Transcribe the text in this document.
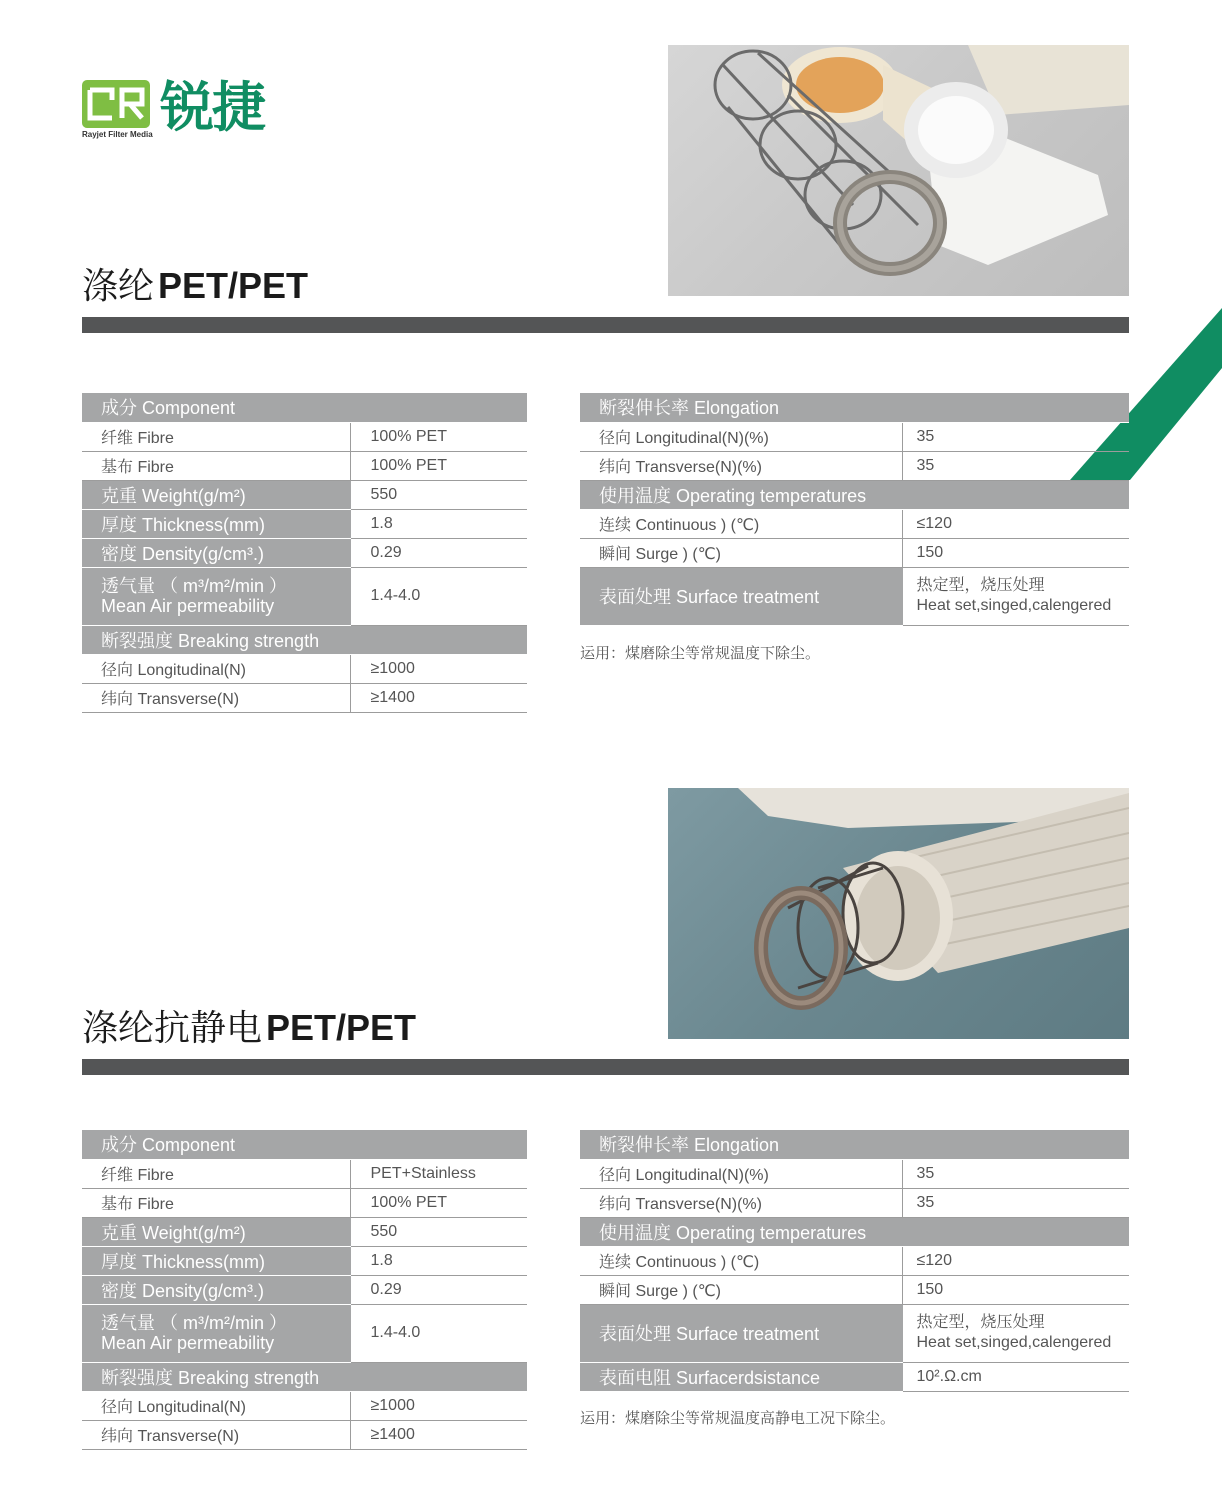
锐捷
Rayjet Filter Media
涤纶 PET/PET
成分 Component	
纤维 Fibre	100% PET
基布 Fibre	100% PET
克重 Weight(g/m²)	550
厚度 Thickness(mm)	1.8
密度 Density(g/cm³.)	0.29

透气量 （ m³/m²/min ）
Mean Air permeability	1.4-4.0
断裂强度 Breaking strength	
径向 Longitudinal(N)	≥1000
纬向 Transverse(N)	≥1400
断裂伸长率 Elongation	
径向 Longitudinal(N)(%)	35
纬向 Transverse(N)(%)	35
使用温度 Operating temperatures	
连续 Continuous ) (℃)	≤120
瞬间 Surge ) (℃)	150
表面处理 Surface treatment	热定型，烧压处理
Heat set,singed,calengered
运用：煤磨除尘等常规温度下除尘。
涤纶抗静电 PET/PET
成分 Component	
纤维 Fibre	PET+Stainless
基布 Fibre	100% PET
克重 Weight(g/m²)	550
厚度 Thickness(mm)	1.8
密度 Density(g/cm³.)	0.29

透气量 （ m³/m²/min ）
Mean Air permeability	1.4-4.0
断裂强度 Breaking strength	
径向 Longitudinal(N)	≥1000
纬向 Transverse(N)	≥1400
断裂伸长率 Elongation	
径向 Longitudinal(N)(%)	35
纬向 Transverse(N)(%)	35
使用温度 Operating temperatures	
连续 Continuous ) (℃)	≤120
瞬间 Surge ) (℃)	150
表面处理 Surface treatment	热定型，烧压处理
Heat set,singed,calengered

表面电阻 Surfacerdsistance	10².Ω.cm
运用：煤磨除尘等常规温度高静电工况下除尘。
